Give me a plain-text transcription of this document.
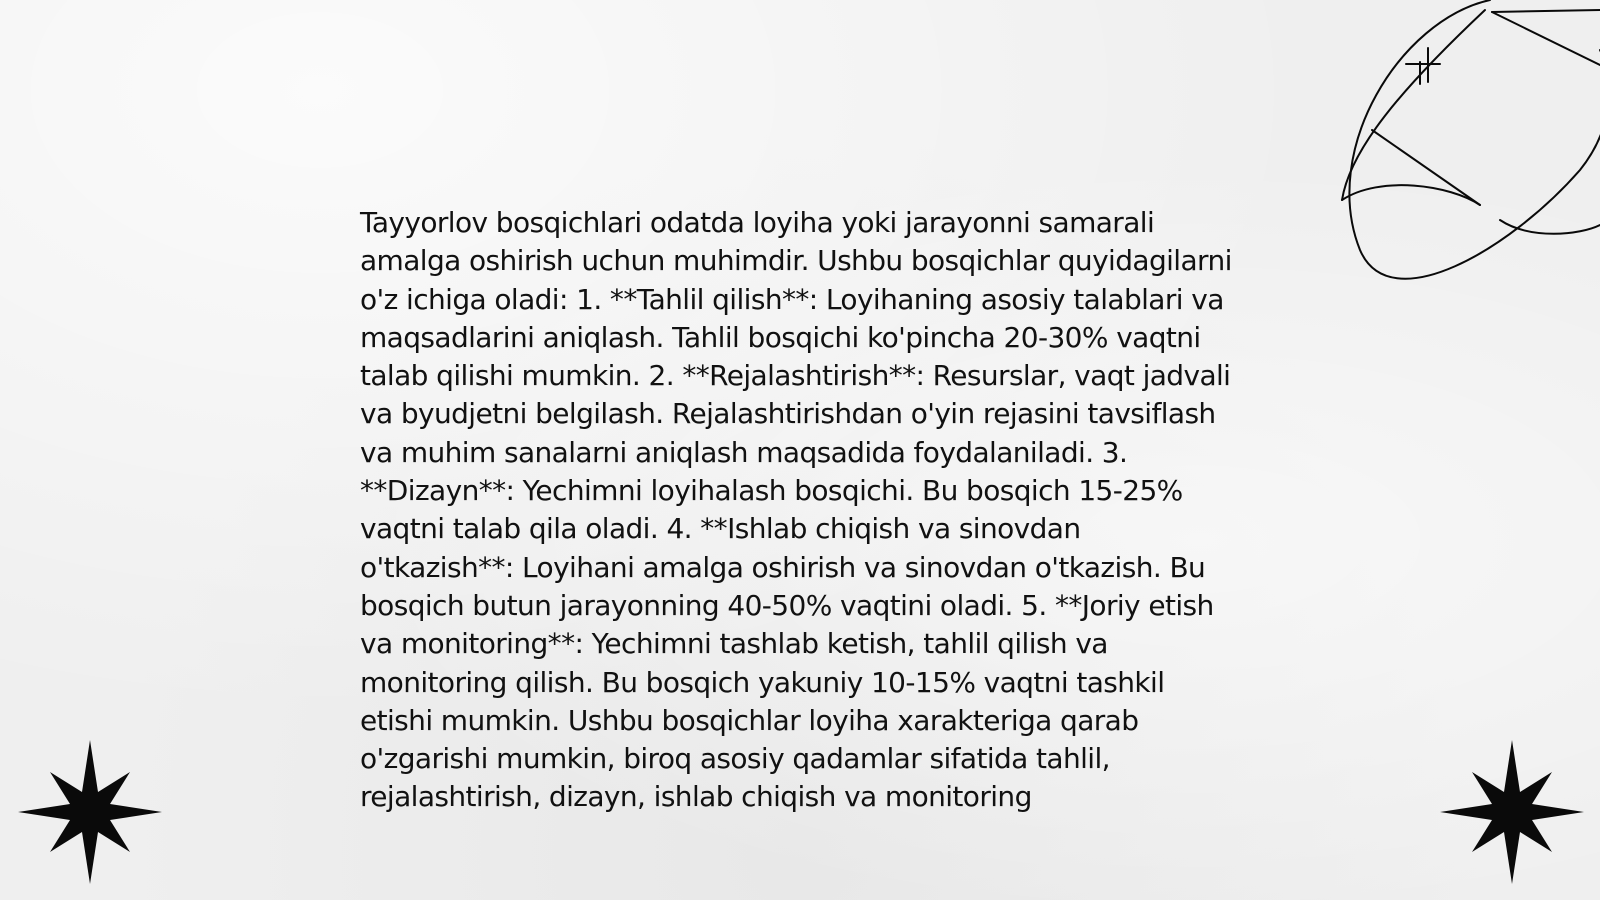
Tayyorlov bosqichlari odatda loyiha yoki jarayonni samarali amalga oshirish uchun muhimdir. Ushbu bosqichlar quyidagilarni o'z ichiga oladi: 1. **Tahlil qilish**: Loyihaning asosiy talablari va maqsadlarini aniqlash. Tahlil bosqichi ko'pincha 20-30% vaqtni talab qilishi mumkin. 2. **Rejalashtirish**: Resurslar, vaqt jadvali va byudjetni belgilash. Rejalashtirishdan o'yin rejasini tavsiflash va muhim sanalarni aniqlash maqsadida foydalaniladi. 3. **Dizayn**: Yechimni loyihalash bosqichi. Bu bosqich 15-25% vaqtni talab qila oladi. 4. **Ishlab chiqish va sinovdan o'tkazish**: Loyihani amalga oshirish va sinovdan o'tkazish. Bu bosqich butun jarayonning 40-50% vaqtini oladi. 5. **Joriy etish va monitoring**: Yechimni tashlab ketish, tahlil qilish va monitoring qilish. Bu bosqich yakuniy 10-15% vaqtni tashkil etishi mumkin. Ushbu bosqichlar loyiha xarakteriga qarab o'zgarishi mumkin, biroq asosiy qadamlar sifatida tahlil, rejalashtirish, dizayn, ishlab chiqish va monitoring
